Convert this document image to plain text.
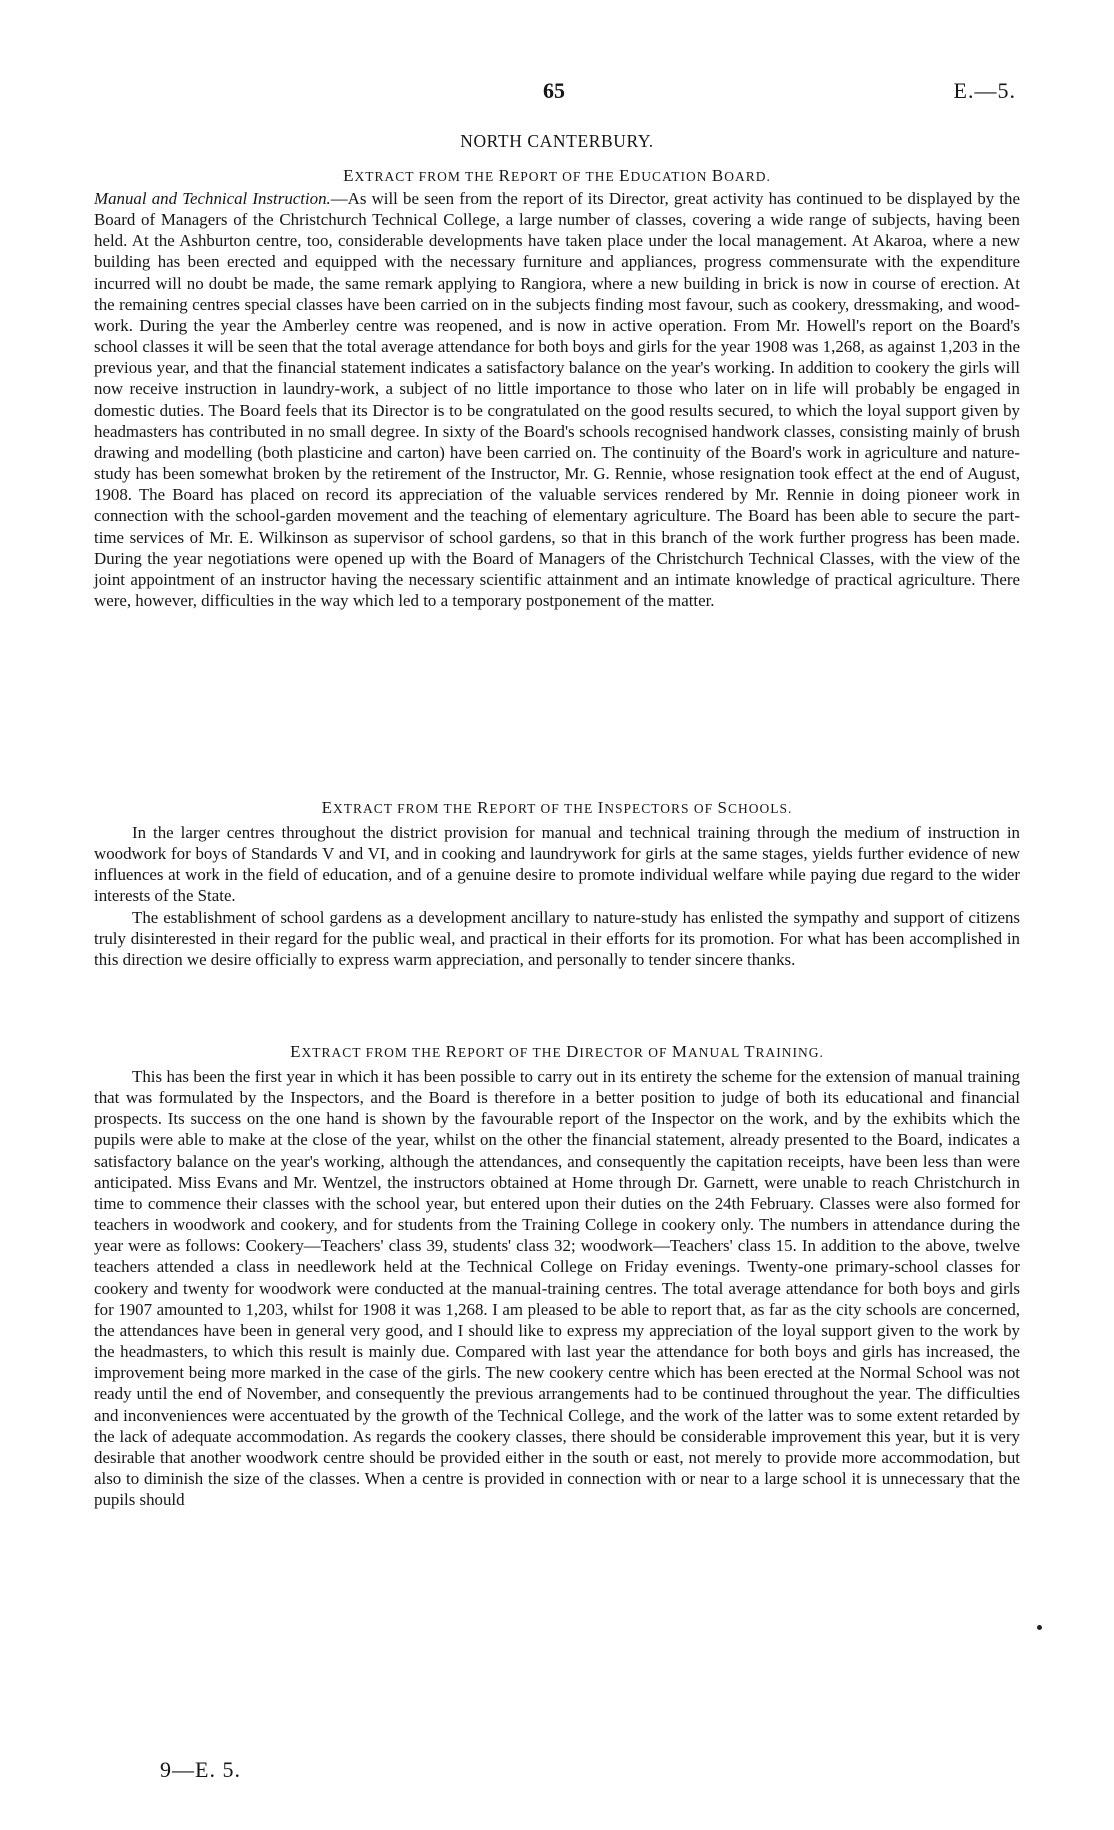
65	E.—5.
NORTH CANTERBURY.
EXTRACT FROM THE REPORT OF THE EDUCATION BOARD.

Manual and Technical Instruction.—As will be seen from the report of its Director, great activity has continued to be displayed by the Board of Managers of the Christchurch Technical College, a large number of classes, covering a wide range of subjects, having been held. At the Ashburton centre, too, considerable developments have taken place under the local management. At Akaroa, where a new building has been erected and equipped with the necessary furniture and appliances, progress commensurate with the expenditure incurred will no doubt be made, the same remark applying to Rangiora, where a new building in brick is now in course of erection. At the remaining centres special classes have been carried on in the subjects finding most favour, such as cookery, dressmaking, and woodwork. During the year the Amberley centre was reopened, and is now in active operation. From Mr. Howell's report on the Board's school classes it will be seen that the total average attendance for both boys and girls for the year 1908 was 1,268, as against 1,203 in the previous year, and that the financial statement indicates a satisfactory balance on the year's working. In addition to cookery the girls will now receive instruction in laundry-work, a subject of no little importance to those who later on in life will probably be engaged in domestic duties. The Board feels that its Director is to be congratulated on the good results secured, to which the loyal support given by headmasters has contributed in no small degree. In sixty of the Board's schools recognised handwork classes, consisting mainly of brush drawing and modelling (both plasticine and carton) have been carried on. The continuity of the Board's work in agriculture and nature-study has been somewhat broken by the retirement of the Instructor, Mr. G. Rennie, whose resignation took effect at the end of August, 1908. The Board has placed on record its appreciation of the valuable services rendered by Mr. Rennie in doing pioneer work in connection with the school-garden movement and the teaching of elementary agriculture. The Board has been able to secure the part-time services of Mr. E. Wilkinson as supervisor of school gardens, so that in this branch of the work further progress has been made. During the year negotiations were opened up with the Board of Managers of the Christchurch Technical Classes, with the view of the joint appointment of an instructor having the necessary scientific attainment and an intimate knowledge of practical agriculture. There were, however, difficulties in the way which led to a temporary postponement of the matter.

EXTRACT FROM THE REPORT OF THE INSPECTORS OF SCHOOLS.

In the larger centres throughout the district provision for manual and technical training through the medium of instruction in woodwork for boys of Standards V and VI, and in cooking and laundrywork for girls at the same stages, yields further evidence of new influences at work in the field of education, and of a genuine desire to promote individual welfare while paying due regard to the wider interests of the State.

The establishment of school gardens as a development ancillary to nature-study has enlisted the sympathy and support of citizens truly disinterested in their regard for the public weal, and practical in their efforts for its promotion. For what has been accomplished in this direction we desire officially to express warm appreciation, and personally to tender sincere thanks.

EXTRACT FROM THE REPORT OF THE DIRECTOR OF MANUAL TRAINING.

This has been the first year in which it has been possible to carry out in its entirety the scheme for the extension of manual training that was formulated by the Inspectors, and the Board is therefore in a better position to judge of both its educational and financial prospects. Its success on the one hand is shown by the favourable report of the Inspector on the work, and by the exhibits which the pupils were able to make at the close of the year, whilst on the other the financial statement, already presented to the Board, indicates a satisfactory balance on the year's working, although the attendances, and consequently the capitation receipts, have been less than were anticipated. Miss Evans and Mr. Wentzel, the instructors obtained at Home through Dr. Garnett, were unable to reach Christchurch in time to commence their classes with the school year, but entered upon their duties on the 24th February. Classes were also formed for teachers in woodwork and cookery, and for students from the Training College in cookery only. The numbers in attendance during the year were as follows: Cookery—Teachers' class 39, students' class 32; woodwork—Teachers' class 15. In addition to the above, twelve teachers attended a class in needlework held at the Technical College on Friday evenings. Twenty-one primary-school classes for cookery and twenty for woodwork were conducted at the manual-training centres. The total average attendance for both boys and girls for 1907 amounted to 1,203, whilst for 1908 it was 1,268. I am pleased to be able to report that, as far as the city schools are concerned, the attendances have been in general very good, and I should like to express my appreciation of the loyal support given to the work by the headmasters, to which this result is mainly due. Compared with last year the attendance for both boys and girls has increased, the improvement being more marked in the case of the girls. The new cookery centre which has been erected at the Normal School was not ready until the end of November, and consequently the previous arrangements had to be continued throughout the year. The difficulties and inconveniences were accentuated by the growth of the Technical College, and the work of the latter was to some extent retarded by the lack of adequate accommodation. As regards the cookery classes, there should be considerable improvement this year, but it is very desirable that another woodwork centre should be provided either in the south or east, not merely to provide more accommodation, but also to diminish the size of the classes. When a centre is provided in connection with or near to a large school it is unnecessary that the pupils should

9—E. 5.
